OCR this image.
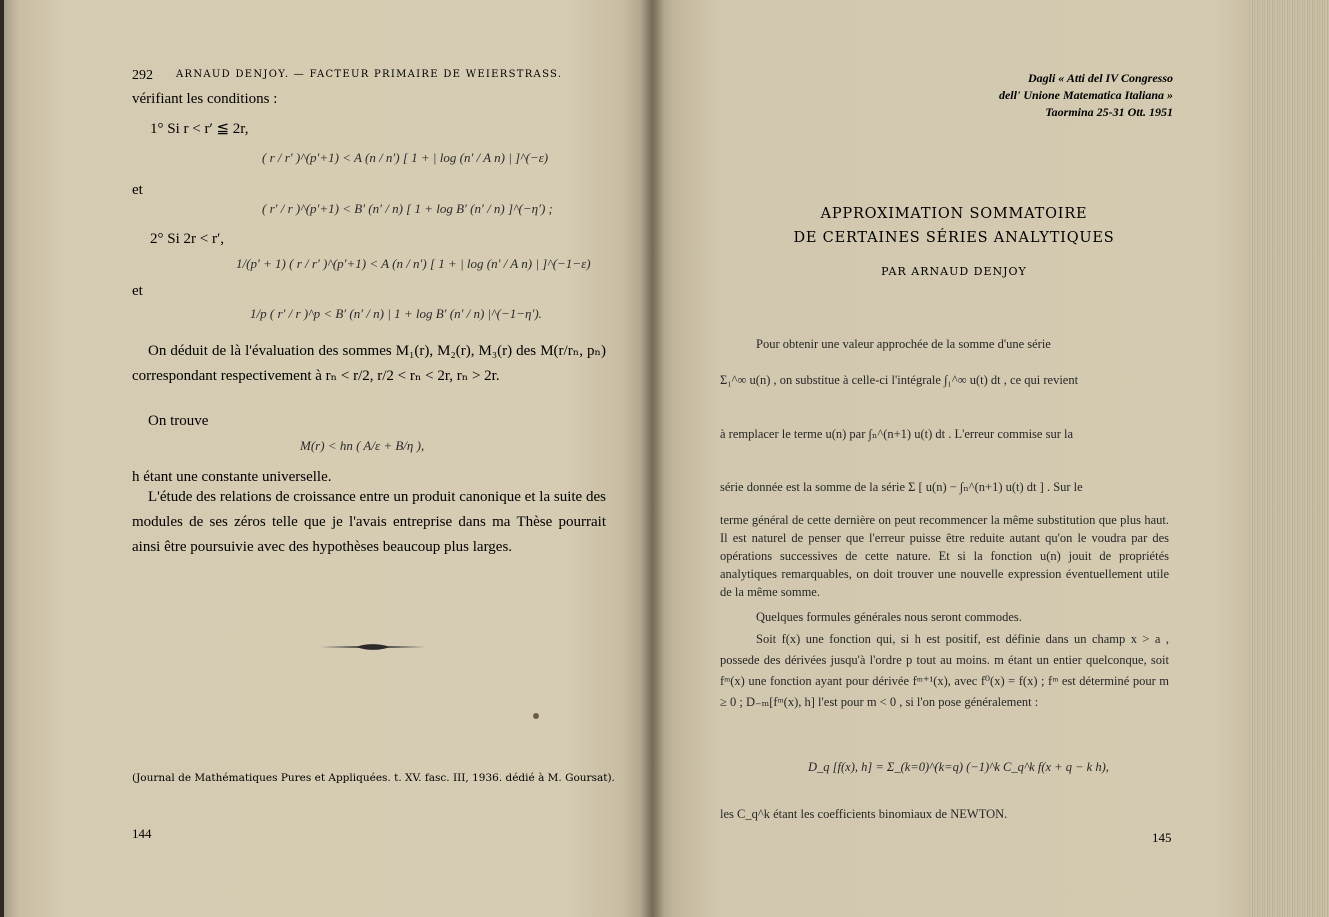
292 ARNAUD DENJOY. — FACTEUR PRIMAIRE DE WEIERSTRASS.
vérifiant les conditions :
1° Si r < r′ ≦ 2r,
( r / r′ )^(p′+1) < A (n / n′) [ 1 + | log (n′ / A n) | ]^(−ε)
et
( r′ / r )^(p′+1) < B′ (n′ / n) [ 1 + log B′ (n′ / n) ]^(−η′) ;
2° Si 2r < r′,
1/(p′ + 1) ( r / r′ )^(p′+1) < A (n / n′) [ 1 + | log (n′ / A n) | ]^(−1−ε)
et
1/p ( r′ / r )^p < B′ (n′ / n) | 1 + log B′ (n′ / n) |^(−1−η′).
On déduit de là l'évaluation des sommes M₁(r), M₂(r), M₃(r) des M(r/rₙ, pₙ) correspondant respectivement à rₙ < r/2, r/2 < rₙ < 2r, rₙ > 2r.
On trouve
M(r) < hn ( A/ε + B/η ),
h étant une constante universelle.
L'étude des relations de croissance entre un produit canonique et la suite des modules de ses zéros telle que je l'avais entreprise dans ma Thèse pourrait ainsi être poursuivie avec des hypothèses beaucoup plus larges.
(Journal de Mathématiques Pures et Appliquées. t. XV. fasc. III, 1936. dédié à M. Goursat).
144
Dagli « Atti del IV Congresso
dell' Unione Matematica Italiana »
Taormina 25-31 Ott. 1951
APPROXIMATION SOMMATOIRE
DE CERTAINES SÉRIES ANALYTIQUES
PAR ARNAUD DENJOY
Pour obtenir une valeur approchée de la somme d'une série
Σ₁^∞ u(n) , on substitue à celle-ci l'intégrale ∫₁^∞ u(t) dt , ce qui revient
à remplacer le terme u(n) par ∫ₙ^(n+1) u(t) dt . L'erreur commise sur la
série donnée est la somme de la série Σ [ u(n) − ∫ₙ^(n+1) u(t) dt ] . Sur le
terme général de cette dernière on peut recommencer la même substitution que plus haut. Il est naturel de penser que l'erreur puisse être reduite autant qu'on le voudra par des opérations successives de cette nature. Et si la fonction u(n) jouit de propriétés analytiques remarquables, on doit trouver une nouvelle expression éventuellement utile de la même somme.
Quelques formules générales nous seront commodes.
Soit f(x) une fonction qui, si h est positif, est définie dans un champ x > a , possede des dérivées jusqu'à l'ordre p tout au moins. m étant un entier quelconque, soit fᵐ(x) une fonction ayant pour dérivée fᵐ⁺¹(x), avec f⁰(x) = f(x) ; fᵐ est déterminé pour m ≥ 0 ; D₋ₘ[fᵐ(x), h] l'est pour m < 0 , si l'on pose généralement :
D_q [f(x), h] = Σ_(k=0)^(k=q) (−1)^k C_q^k f(x + q − k h),
les C_q^k étant les coefficients binomiaux de NEWTON.
145
